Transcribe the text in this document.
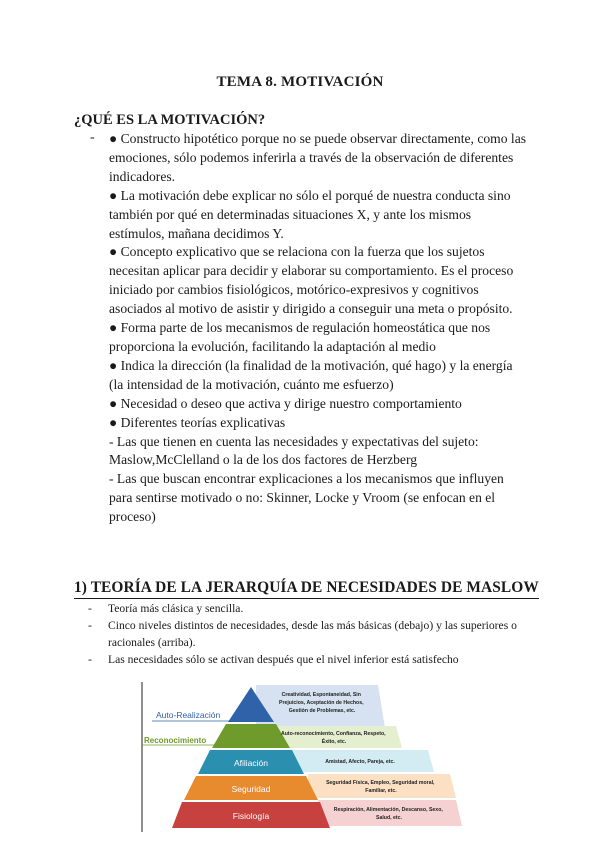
TEMA 8. MOTIVACIÓN
¿QUÉ ES LA MOTIVACIÓN?
- ● Constructo hipotético porque no se puede observar directamente, como las emociones, sólo podemos inferirla a través de la observación de diferentes indicadores.

● La motivación debe explicar no sólo el porqué de nuestra conducta sino también por qué en determinadas situaciones X, y ante los mismos estímulos, mañana decidimos Y.

● Concepto explicativo que se relaciona con la fuerza que los sujetos necesitan aplicar para decidir y elaborar su comportamiento. Es el proceso iniciado por cambios fisiológicos, motórico-expresivos y cognitivos asociados al motivo de asistir y dirigido a conseguir una meta o propósito.

● Forma parte de los mecanismos de regulación homeostática que nos proporciona la evolución, facilitando la adaptación al medio

● Indica la dirección (la finalidad de la motivación, qué hago) y la energía (la intensidad de la motivación, cuánto me esfuerzo)

● Necesidad o deseo que activa y dirige nuestro comportamiento

● Diferentes teorías explicativas

- Las que tienen en cuenta las necesidades y expectativas del sujeto: Maslow,McClelland o la de los dos factores de Herzberg

- Las que buscan encontrar explicaciones a los mecanismos que influyen para sentirse motivado o no: Skinner, Locke y Vroom (se enfocan en el proceso)

1) TEORÍA DE LA JERARQUÍA DE NECESIDADES DE MASLOW
- Teoría más clásica y sencilla.
- Cinco niveles distintos de necesidades, desde las más básicas (debajo) y las superiores o racionales (arriba).
- Las necesidades sólo se activan después que el nivel inferior está satisfecho
Auto-Realización
Reconocimiento
Afiliación
Seguridad
Fisiología
Creatividad, Espontaneidad, Sin Prejuicios, Aceptación de Hechos, Gestión de Problemas, etc.
Auto-reconocimiento, Confianza, Respeto, Éxito, etc.
Amistad, Afecto, Pareja, etc.
Seguridad Física, Empleo, Seguridad moral, Familiar, etc.
Respiración, Alimentación, Descanso, Sexo, Salud, etc.
